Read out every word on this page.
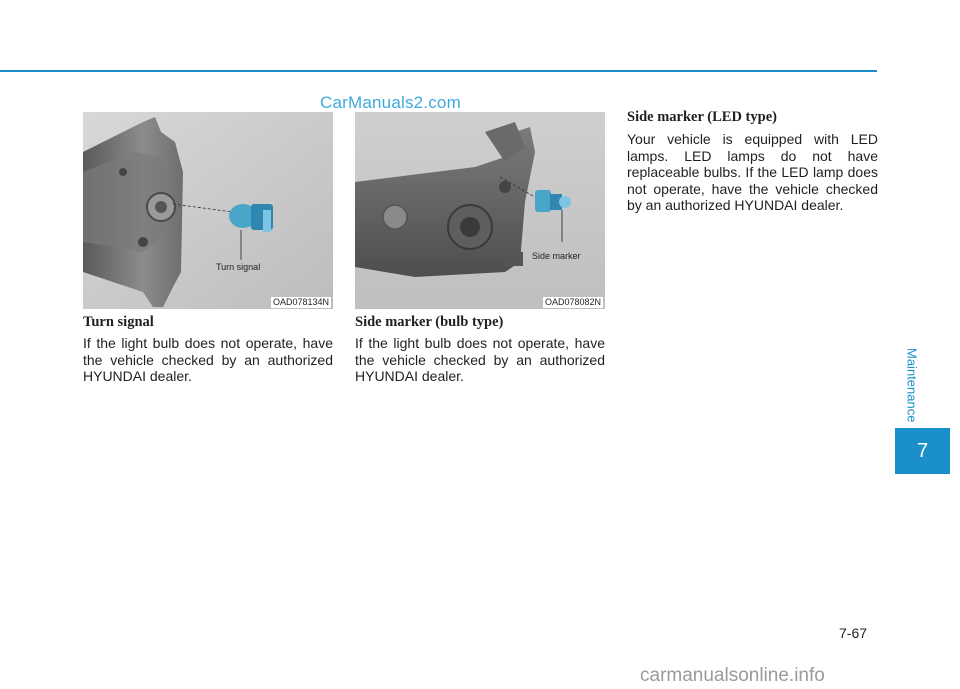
CarManuals2.com
Turn signal
OAD078134N
Side marker
OAD078082N
Turn signal

If the light bulb does not operate, have the vehicle checked by an authorized HYUNDAI dealer.

Side marker (bulb type)

If the light bulb does not operate, have the vehicle checked by an authorized HYUNDAI dealer.

Side marker (LED type)

Your vehicle is equipped with LED lamps. LED lamps do not have replaceable bulbs. If the LED lamp does not operate, have the vehicle checked by an authorized HYUNDAI dealer.

Maintenance
7
7-67
carmanualsonline.info
